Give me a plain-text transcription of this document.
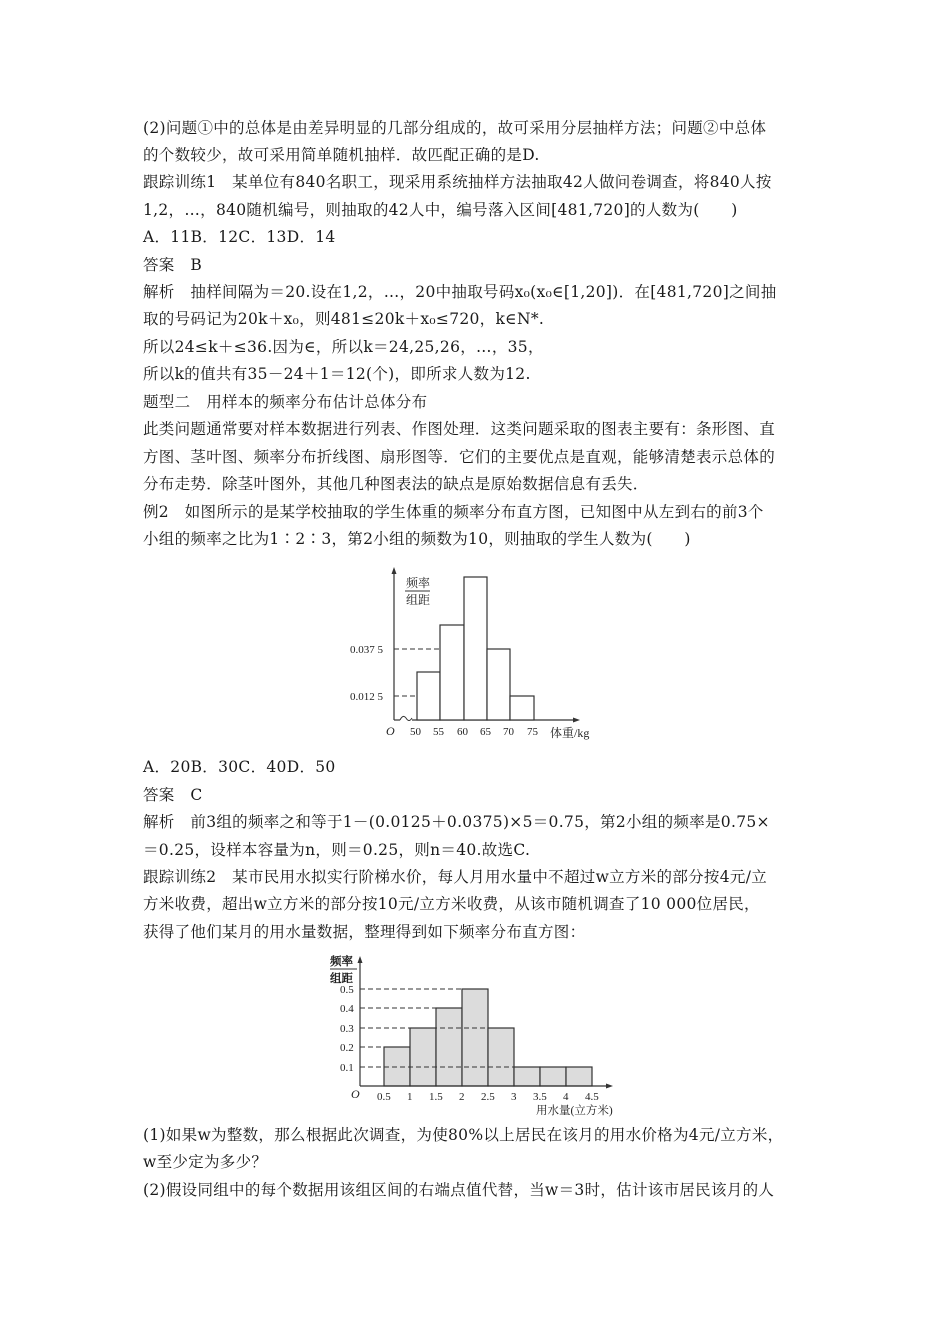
(2)问题①中的总体是由差异明显的几部分组成的，故可采用分层抽样方法；问题②中总体
的个数较少，故可采用简单随机抽样．故匹配正确的是D.
跟踪训练1　某单位有840名职工，现采用系统抽样方法抽取42人做问卷调查，将840人按
1,2，…，840随机编号，则抽取的42人中，编号落入区间[481,720]的人数为(　　)
A．11B．12C．13D．14
答案　B
解析　抽样间隔为＝20.设在1,2，…，20中抽取号码x₀(x₀∈[1,20])．在[481,720]之间抽
取的号码记为20k＋x₀，则481≤20k＋x₀≤720，k∈N*.
所以24≤k＋≤36.因为∈，所以k＝24,25,26，…，35，
所以k的值共有35－24＋1＝12(个)，即所求人数为12.
题型二　用样本的频率分布估计总体分布
此类问题通常要对样本数据进行列表、作图处理．这类问题采取的图表主要有：条形图、直
方图、茎叶图、频率分布折线图、扇形图等．它们的主要优点是直观，能够清楚表示总体的
分布走势．除茎叶图外，其他几种图表法的缺点是原始数据信息有丢失．
例2　如图所示的是某学校抽取的学生体重的频率分布直方图，已知图中从左到右的前3个
小组的频率之比为1∶2∶3，第2小组的频数为10，则抽取的学生人数为(　　)
频率
组距
0.037 5
0.012 5
O 50 55 60 65 70 75 体重/kg
A．20B．30C．40D．50
答案　C
解析　前3组的频率之和等于1－(0.0125＋0.0375)×5＝0.75，第2小组的频率是0.75×
＝0.25，设样本容量为n，则＝0.25，则n＝40.故选C.
跟踪训练2　某市民用水拟实行阶梯水价，每人月用水量中不超过w立方米的部分按4元/立
方米收费，超出w立方米的部分按10元/立方米收费，从该市随机调查了10 000位居民，
获得了他们某月的用水量数据，整理得到如下频率分布直方图：
频率
组距
0.5
0.4
0.3
0.2
0.1
O 0.5 1 1.5 2 2.5 3 3.5 4 4.5
用水量(立方米)
(1)如果w为整数，那么根据此次调查，为使80%以上居民在该月的用水价格为4元/立方米，
w至少定为多少？
(2)假设同组中的每个数据用该组区间的右端点值代替，当w＝3时，估计该市居民该月的人
